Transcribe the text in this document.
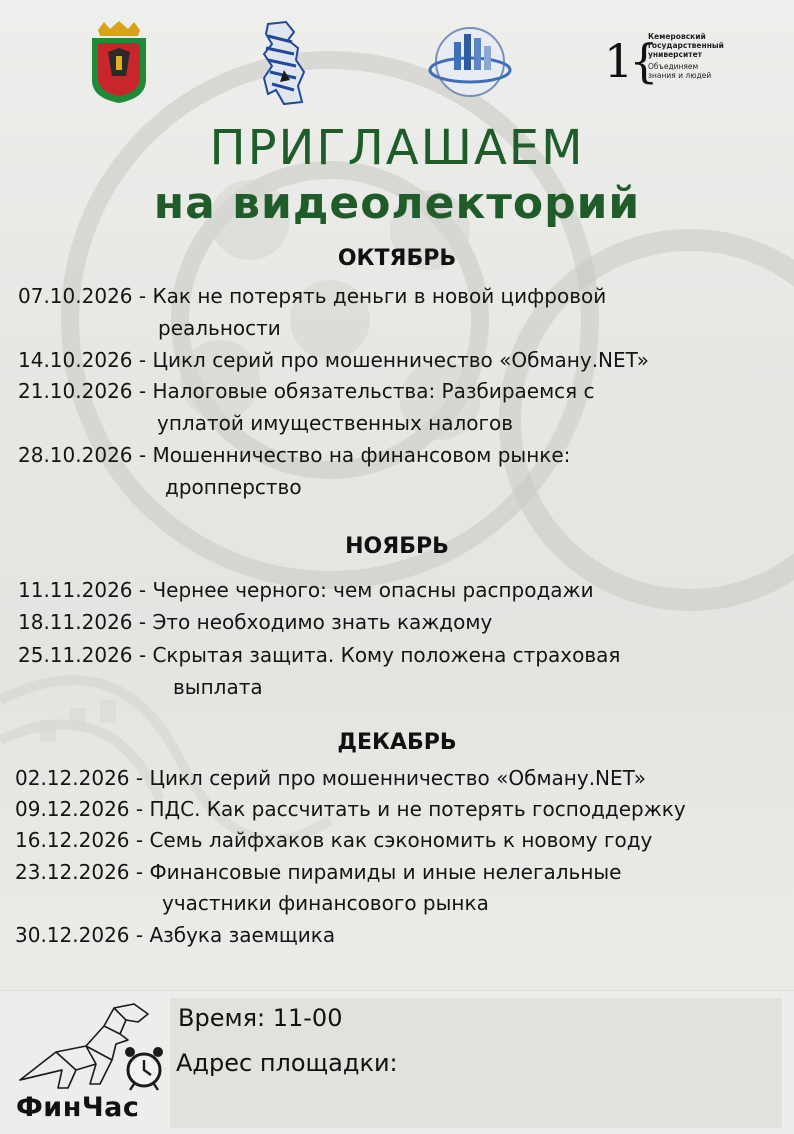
1{
Кемеровский государственный университет
Объединяем знания и людей
ПРИГЛАШАЕМ
на видеолекторий
ОКТЯБРЬ
07.10.2026 - Как не потерять деньги в новой цифровой
реальности
14.10.2026 - Цикл серий про мошенничество «Обману.NET»
21.10.2026 - Налоговые обязательства: Разбираемся с
уплатой имущественных налогов
28.10.2026 - Мошенничество на финансовом рынке:
дропперство
НОЯБРЬ
11.11.2026 - Чернее черного: чем опасны распродажи
18.11.2026 - Это необходимо знать каждому
25.11.2026 - Скрытая защита. Кому положена страховая
выплата
ДЕКАБРЬ
02.12.2026 - Цикл серий про мошенничество «Обману.NET»
09.12.2026 - ПДС. Как рассчитать и не потерять господдержку
16.12.2026 - Семь лайфхаков как сэкономить к новому году
23.12.2026 - Финансовые пирамиды и иные нелегальные
участники финансового рынка
30.12.2026 - Азбука заемщика
Время: 11-00
Адрес площадки:
ФинЧас
